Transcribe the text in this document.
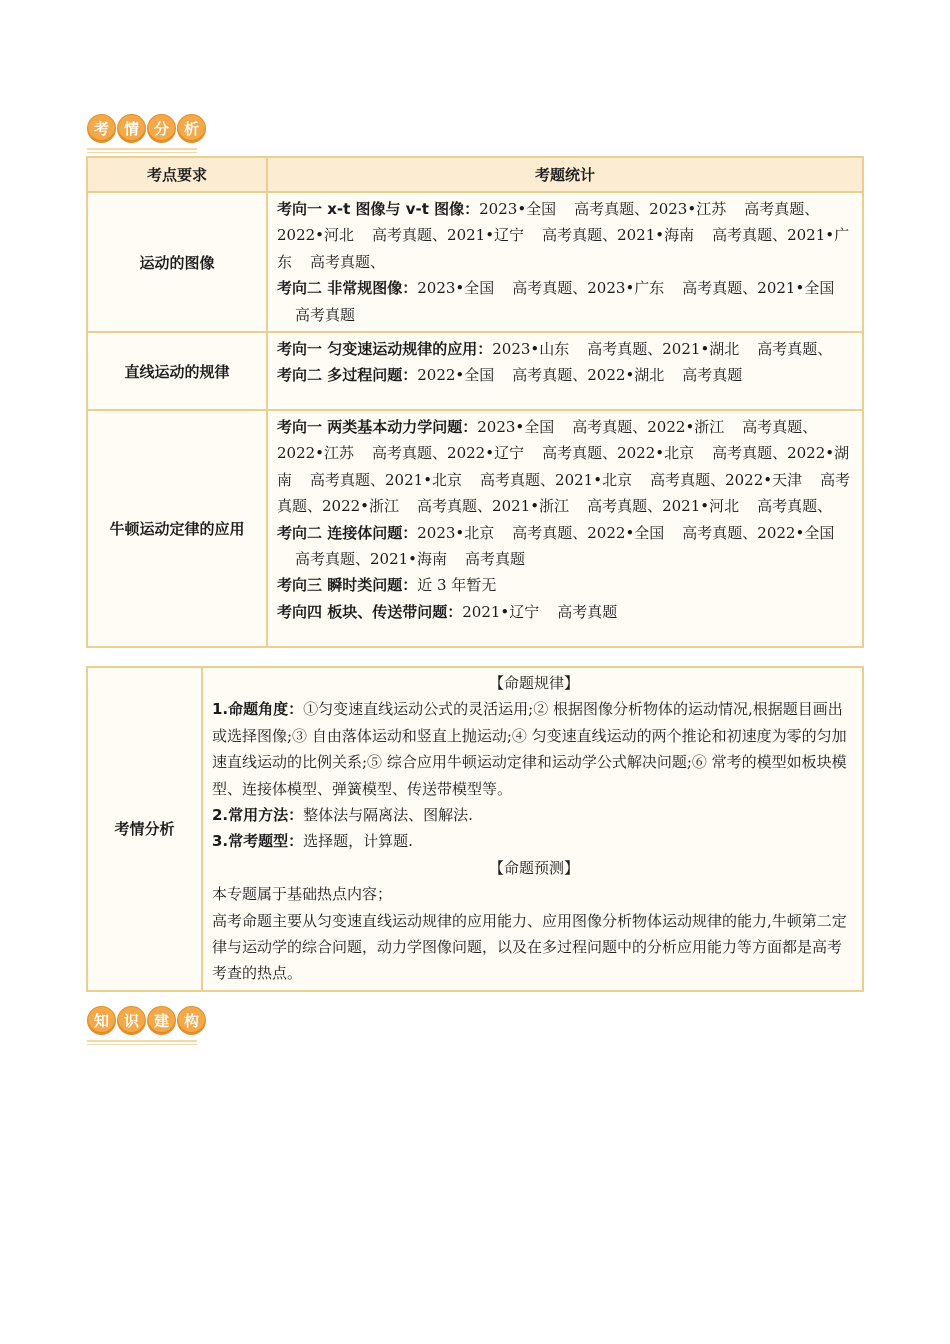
考 情 分 析
考点要求	考题统计
运动的图像	考向一 x-t 图像与 v-t 图像：2023•全国 高考真题、2023•江苏 高考真题、2022•河北 高考真题、2021•辽宁 高考真题、2021•海南 高考真题、2021•广东 高考真题、
考向二 非常规图像：2023•全国 高考真题、2023•广东 高考真题、2021•全国高考真题

直线运动的规律	考向一 匀变速运动规律的应用：2023•山东 高考真题、2021•湖北 高考真题、
考向二 多过程问题：2022•全国 高考真题、2022•湖北 高考真题

牛顿运动定律的应用	考向一 两类基本动力学问题：2023•全国 高考真题、2022•浙江 高考真题、2022•江苏 高考真题、2022•辽宁 高考真题、2022•北京 高考真题、2022•湖南 高考真题、2021•北京 高考真题、2021•北京 高考真题、2022•天津 高考真题、2022•浙江 高考真题、2021•浙江 高考真题、2021•河北 高考真题、
考向二 连接体问题：2023•北京 高考真题、2022•全国 高考真题、2022•全国高考真题、2021•海南 高考真题
考向三 瞬时类问题：近 3 年暂无
考向四 板块、传送带问题：2021•辽宁 高考真题
考情分析	
【命题规律】
1.命题角度：①匀变速直线运动公式的灵活运用;② 根据图像分析物体的运动情况,根据题目画出或选择图像;③ 自由落体运动和竖直上抛运动;④ 匀变速直线运动的两个推论和初速度为零的匀加速直线运动的比例关系;⑤ 综合应用牛顿运动定律和运动学公式解决问题;⑥ 常考的模型如板块模型、连接体模型、弹簧模型、传送带模型等。
2.常用方法：整体法与隔离法、图解法.
3.常考题型：选择题，计算题.
【命题预测】
本专题属于基础热点内容；
高考命题主要从匀变速直线运动规律的应用能力、应用图像分析物体运动规律的能力,牛顿第二定律与运动学的综合问题，动力学图像问题，以及在多过程问题中的分析应用能力等方面都是高考考查的热点。
知 识 建 构
